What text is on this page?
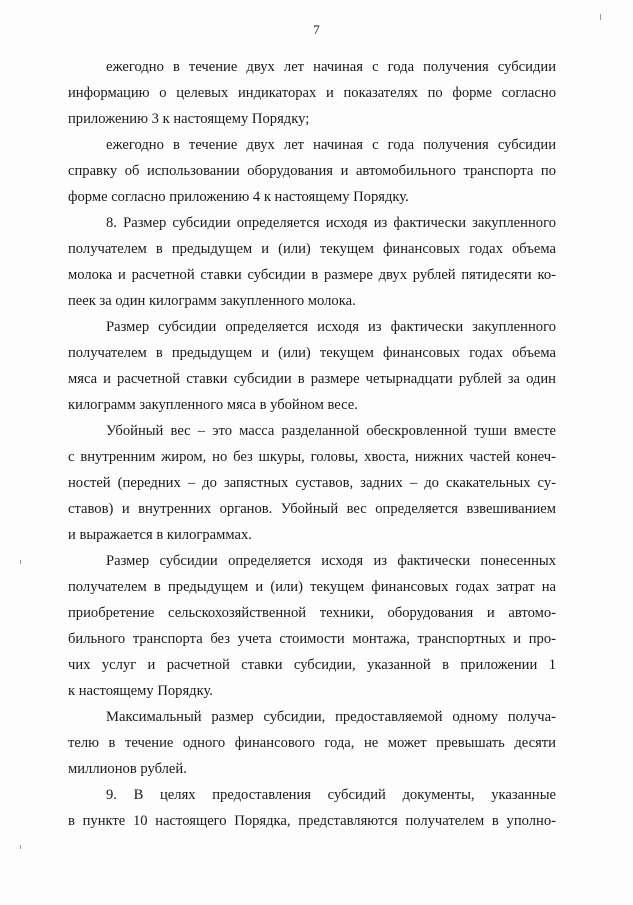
7
ежегодно в течение двух лет начиная с года получения субсидии
информацию о целевых индикаторах и показателях по форме согласно
приложению 3 к настоящему Порядку;
ежегодно в течение двух лет начиная с года получения субсидии
справку об использовании оборудования и автомобильного транспорта по
форме согласно приложению 4 к настоящему Порядку.
8. Размер субсидии определяется исходя из фактически закупленного
получателем в предыдущем и (или) текущем финансовых годах объема
молока и расчетной ставки субсидии в размере двух рублей пятидесяти ко-
пеек за один килограмм закупленного молока.
Размер субсидии определяется исходя из фактически закупленного
получателем в предыдущем и (или) текущем финансовых годах объема
мяса и расчетной ставки субсидии в размере четырнадцати рублей за один
килограмм закупленного мяса в убойном весе.
Убойный вес – это масса разделанной обескровленной туши вместе
с внутренним жиром, но без шкуры, головы, хвоста, нижних частей конеч-
ностей (передних – до запястных суставов, задних – до скакательных су-
ставов) и внутренних органов. Убойный вес определяется взвешиванием
и выражается в килограммах.
Размер субсидии определяется исходя из фактически понесенных
получателем в предыдущем и (или) текущем финансовых годах затрат на
приобретение сельскохозяйственной техники, оборудования и автомо-
бильного транспорта без учета стоимости монтажа, транспортных и про-
чих услуг и расчетной ставки субсидии, указанной в приложении 1
к настоящему Порядку.
Максимальный размер субсидии, предоставляемой одному получа-
телю в течение одного финансового года, не может превышать десяти
миллионов рублей.
9. В целях предоставления субсидий документы, указанные
в пункте 10 настоящего Порядка, представляются получателем в уполно-
